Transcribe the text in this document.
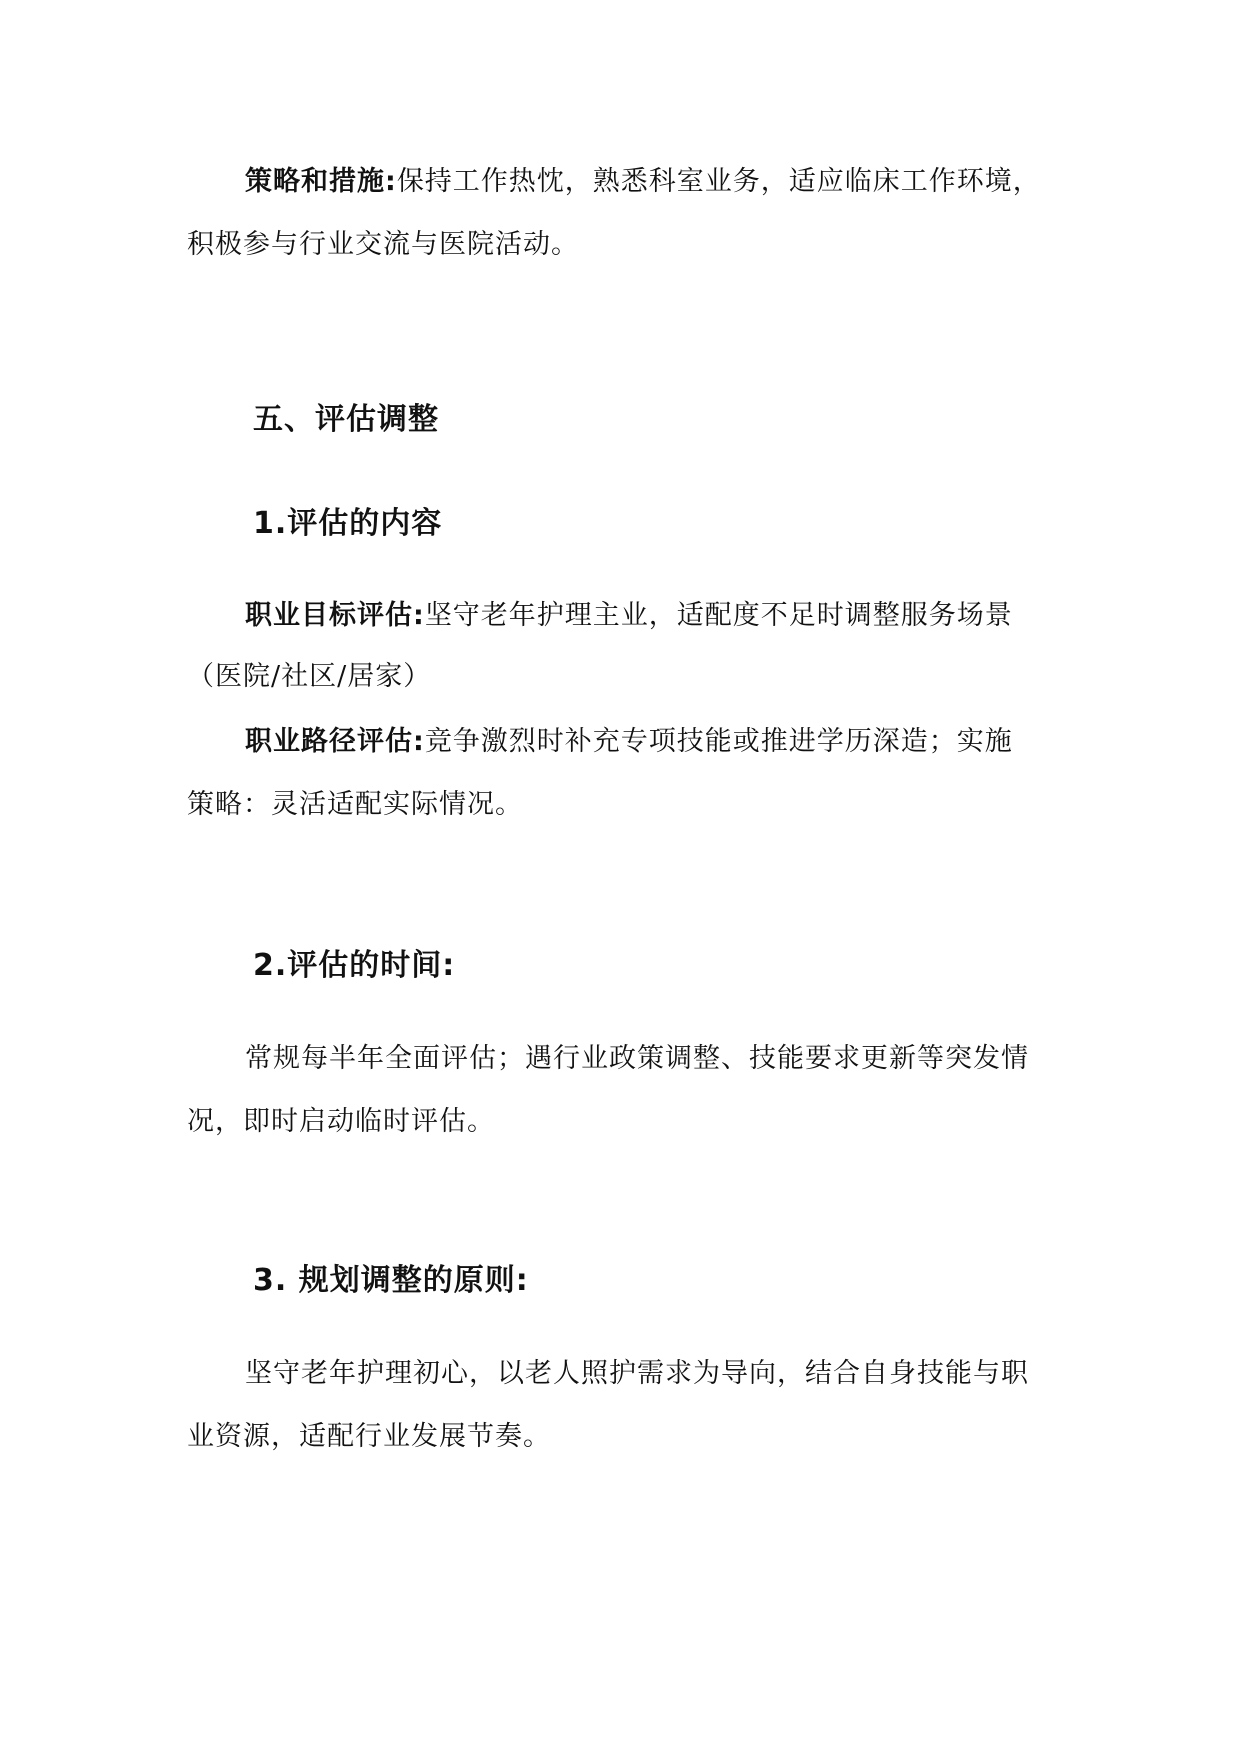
策略和措施:保持工作热忱，熟悉科室业务，适应临床工作环境，
积极参与行业交流与医院活动。
五、评估调整
1.评估的内容
职业目标评估:坚守老年护理主业，适配度不足时调整服务场景
（医院/社区/居家）
职业路径评估:竞争激烈时补充专项技能或推进学历深造；实施
策略：灵活适配实际情况。
2.评估的时间:
常规每半年全面评估；遇行业政策调整、技能要求更新等突发情
况，即时启动临时评估。
3. 规划调整的原则:
坚守老年护理初心，以老人照护需求为导向，结合自身技能与职
业资源，适配行业发展节奏。
